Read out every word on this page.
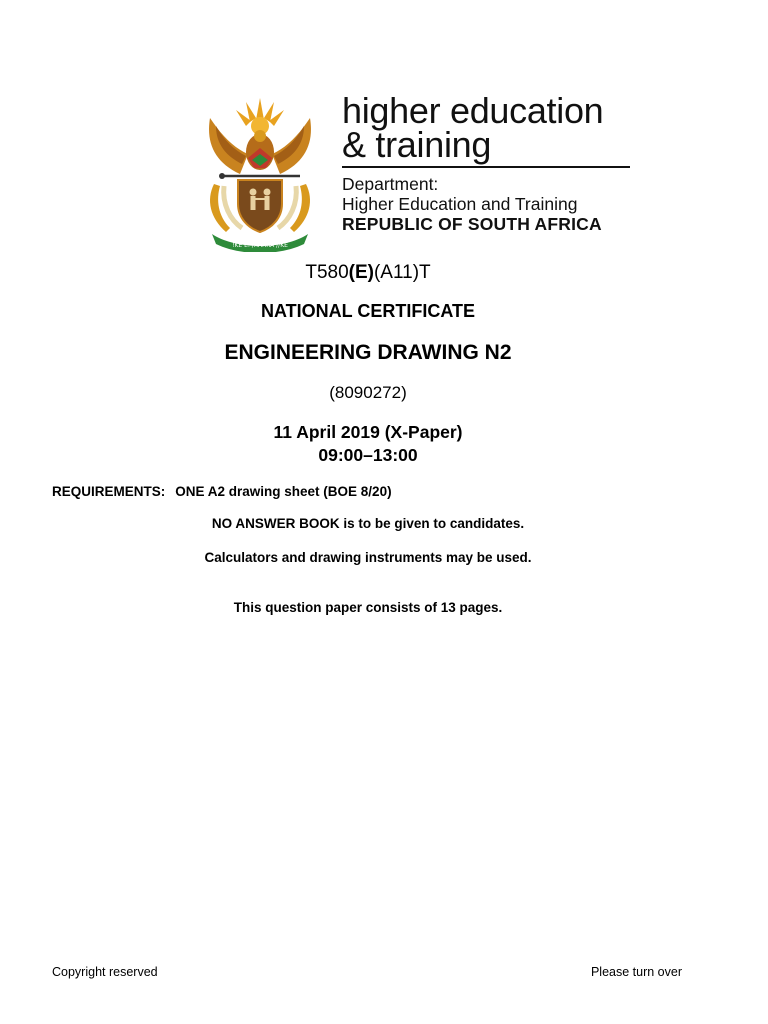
!KE E: /XARRA //KE
higher education
& training
Department:
Higher Education and Training
REPUBLIC OF SOUTH AFRICA
T580(E)(A11)T
NATIONAL CERTIFICATE
ENGINEERING DRAWING N2
(8090272)
11 April 2019 (X-Paper)
09:00–13:00
REQUIREMENTS: ONE A2 drawing sheet (BOE 8/20)
NO ANSWER BOOK is to be given to candidates.
Calculators and drawing instruments may be used.
This question paper consists of 13 pages.
Copyright reserved	Please turn over
